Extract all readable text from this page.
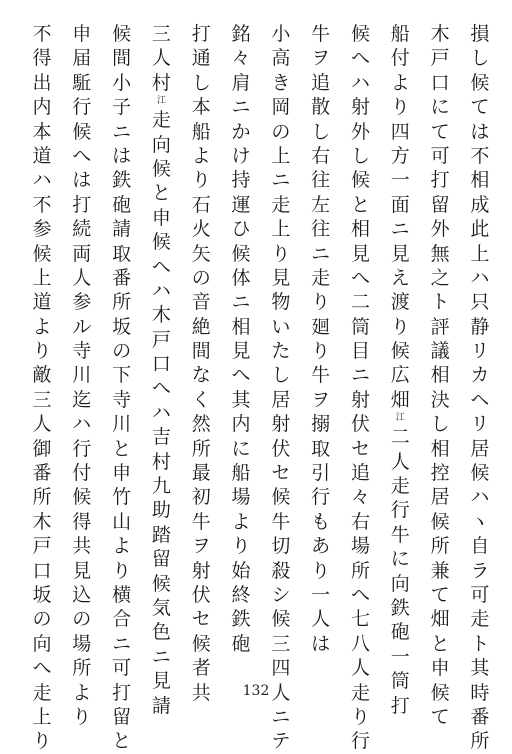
損
し
候
て
は
不
相
成
此
上
ハ
只
静
リ
カ
ヘ
リ
居
候
ハ
ヽ
自
ラ
可
走
ト
其
時
番
所
木
戸
口
に
て
可
打
留
外
無
之
ト
評
議
相
決
し
相
控
居
候
所
兼
て
畑
と
申
候
て
船
付
よ
り
四
方
一
面
ニ
見
え
渡
り
候
広
畑
江
二
人
走
行
牛
に
向
鉄
砲
一
筒
打
候
へ
ハ
射
外
し
候
と
相
見
へ
二
筒
目
ニ
射
伏
セ
追
々
右
場
所
へ
七
八
人
走
り
行
牛
ヲ
追
散
し
右
往
左
往
ニ
走
り
廻
り
牛
ヲ
搦
取
引
行
も
あ
り
一
人
は
小
高
き
岡
の
上
ニ
走
上
り
見
物
い
た
し
居
射
伏
セ
候
牛
切
殺
シ
候
三
四
人
ニ
テ
銘
々
肩
ニ
か
け
持
運
ひ
候
体
ニ
相
見
へ
其
内
に
船
場
よ
り
始
終
鉄
砲
打
通
し
本
船
よ
り
石
火
矢
の
音
絶
間
な
く
然
所
最
初
牛
ヲ
射
伏
セ
候
者
共
三
人
村
江
走
向
候
と
申
候
へ
ハ
木
戸
口
へ
ハ
吉
村
九
助
踏
留
候
気
色
ニ
見
請
候
間
小
子
ニ
は
鉄
砲
請
取
番
所
坂
の
下
寺
川
と
申
竹
山
よ
り
横
合
ニ
可
打
留
と
申
届
駈
行
候
へ
は
打
続
両
人
参
ル
寺
川
迄
ハ
行
付
候
得
共
見
込
の
場
所
よ
り
不
得
出
内
本
道
ハ
不
参
候
上
道
よ
り
敵
三
人
御
番
所
木
戸
口
坂
の
向
へ
走
上
り
132
